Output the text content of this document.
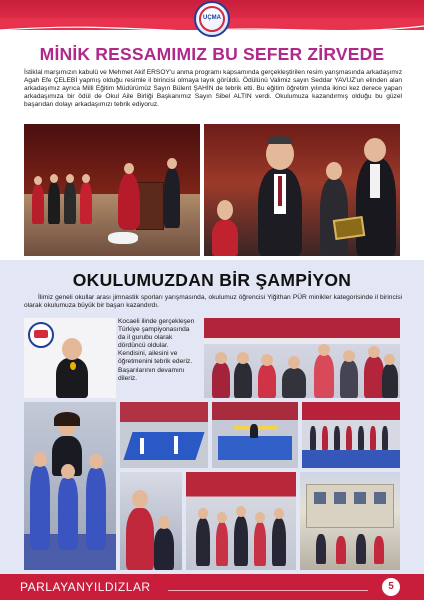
UÇMA
MİNİK RESSAMIMIZ BU SEFER ZİRVEDE
İstiklal marşımızın kabulü ve Mehmet Akif ERSOY'u anma programı kapsamında gerçekleştirilen resim yarışmasında arkadaşımız Agah Efe ÇELEBİ yapmış olduğu resimle il birincisi olmaya layık görüldü. Ödülünü Valimiz sayın Seddar YAVUZ'un elinden alan arkadaşımız ayrıca Milli Eğitim Müdürümüz Sayın Bülent ŞAHİN de tebrik etti. Bu eğitim öğretim yılında ikinci kez derece yapan arkadaşımıza bir ödül de Okul Aile Birliği Başkanımız Sayın Sibel ALTIN verdi. Okulumuza kazandırmış olduğu bu güzel başarıdan dolayı arkadaşımızı tebrik ediyoruz.
OKULUMUZDAN BİR ŞAMPİYON
İlimiz geneli okullar arası jimnastik sporları yarışmasında, okulumuz öğrencisi Yiğithan PÜR minikler kategorisinde il birincisi olarak okulumuza büyük bir başarı kazandırdı.
Kocaeli ilinde gerçekleşen Türkiye şampiyonasında da il gurubu olarak dördüncü oldular. Kendisini, ailesini ve öğretmenini tebrik ederiz. Başarılarının devamını dileriz.
PARLAYANYILDIZLAR	5
